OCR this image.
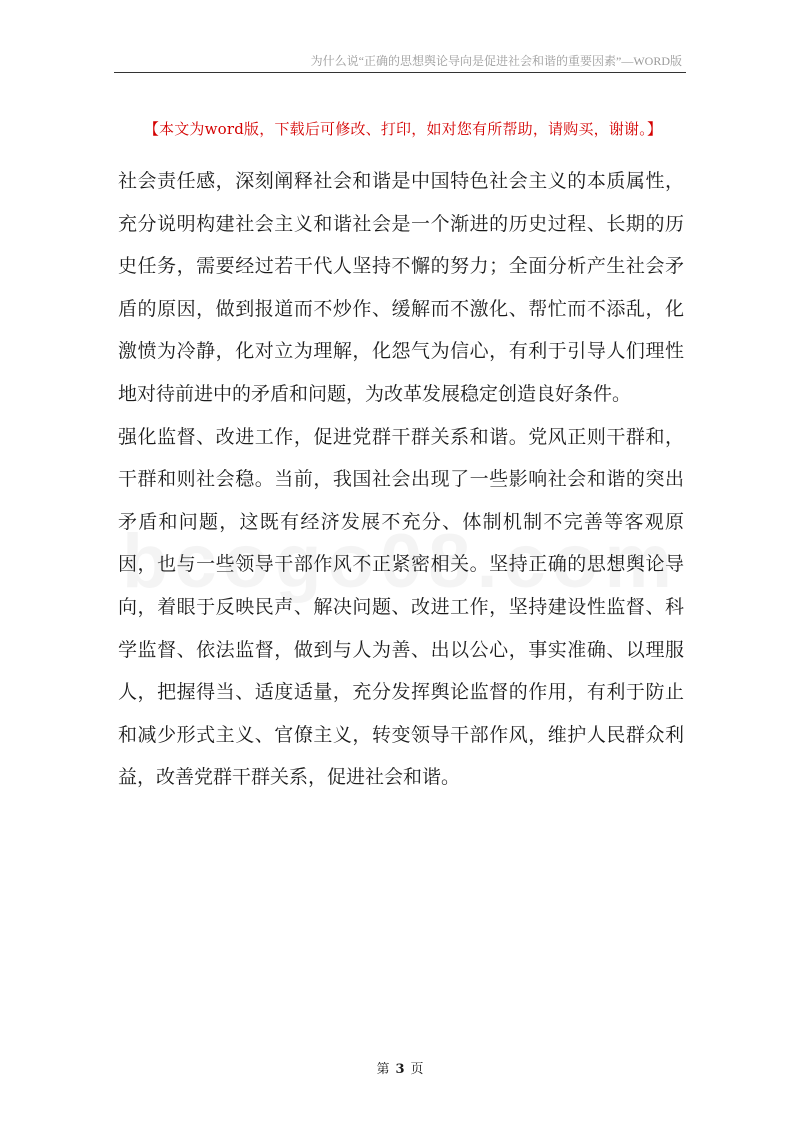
为什么说“正确的思想舆论导向是促进社会和谐的重要因素”—WORD版
【本文为word版，下载后可修改、打印，如对您有所帮助，请购买，谢谢。】

社会责任感，深刻阐释社会和谐是中国特色社会主义的本质属性，充分说明构建社会主义和谐社会是一个渐进的历史过程、长期的历史任务，需要经过若干代人坚持不懈的努力；全面分析产生社会矛盾的原因，做到报道而不炒作、缓解而不激化、帮忙而不添乱，化激愤为冷静，化对立为理解，化怨气为信心，有利于引导人们理性地对待前进中的矛盾和问题，为改革发展稳定创造良好条件。

强化监督、改进工作，促进党群干群关系和谐。党风正则干群和，干群和则社会稳。当前，我国社会出现了一些影响社会和谐的突出矛盾和问题，这既有经济发展不充分、体制机制不完善等客观原因，也与一些领导干部作风不正紧密相关。坚持正确的思想舆论导向，着眼于反映民声、解决问题、改进工作，坚持建设性监督、科学监督、依法监督，做到与人为善、出以公心，事实准确、以理服人，把握得当、适度适量，充分发挥舆论监督的作用，有利于防止和减少形式主义、官僚主义，转变领导干部作风，维护人民群众利益，改善党群干群关系，促进社会和谐。

第 3 页
